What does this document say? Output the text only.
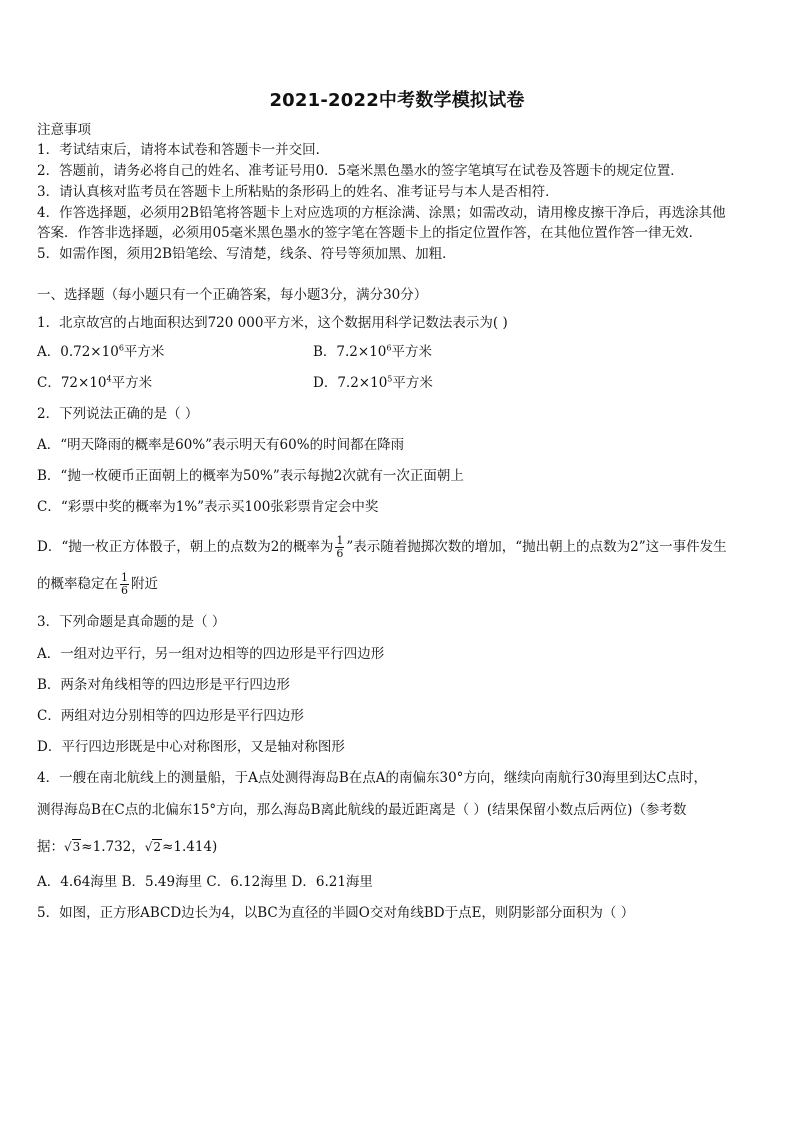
2021-2022中考数学模拟试卷
注意事项
1．考试结束后，请将本试卷和答题卡一并交回．
2．答题前，请务必将自己的姓名、准考证号用0．5毫米黑色墨水的签字笔填写在试卷及答题卡的规定位置．
3．请认真核对监考员在答题卡上所粘贴的条形码上的姓名、准考证号与本人是否相符．
4．作答选择题，必须用2B铅笔将答题卡上对应选项的方框涂满、涂黑；如需改动，请用橡皮擦干净后，再选涂其他
答案．作答非选择题，必须用05毫米黑色墨水的签字笔在答题卡上的指定位置作答，在其他位置作答一律无效．
5．如需作图，须用2B铅笔绘、写清楚，线条、符号等须加黑、加粗．
一、选择题（每小题只有一个正确答案，每小题3分，满分30分）
1．北京故宫的占地面积达到720 000平方米，这个数据用科学记数法表示为( )
A．$0.72\times 10^6$平方米	B．$7.2\times 10^6$平方米
C．$72\times 10^4$平方米	D．$7.2\times 10^5$平方米
2．下列说法正确的是（ ）
A．“明天降雨的概率是60%”表示明天有60%的时间都在降雨
B．“抛一枚硬币正面朝上的概率为50%”表示每抛2次就有一次正面朝上
C．“彩票中奖的概率为1%”表示买100张彩票肯定会中奖
D．“抛一枚正方体骰子，朝上的点数为2的概率为 $\frac{1}{6}$ ”表示随着抛掷次数的增加，“抛出朝上的点数为2”这一事件发生
的概率稳定在 $\frac{1}{6}$ 附近
3．下列命题是真命题的是（ ）
A．一组对边平行，另一组对边相等的四边形是平行四边形
B．两条对角线相等的四边形是平行四边形
C．两组对边分别相等的四边形是平行四边形
D．平行四边形既是中心对称图形，又是轴对称图形
4．一艘在南北航线上的测量船，于A点处测得海岛B在点A的南偏东30°方向，继续向南航行30海里到达C点时，
测得海岛B在C点的北偏东15°方向，那么海岛B离此航线的最近距离是（ ）(结果保留小数点后两位)（参考数
据：√3≈1.732，√2≈1.414)
A．4.64海里 B．5.49海里 C．6.12海里 D．6.21海里
5．如图，正方形ABCD边长为4，以BC为直径的半圆O交对角线BD于点E，则阴影部分面积为（ ）
